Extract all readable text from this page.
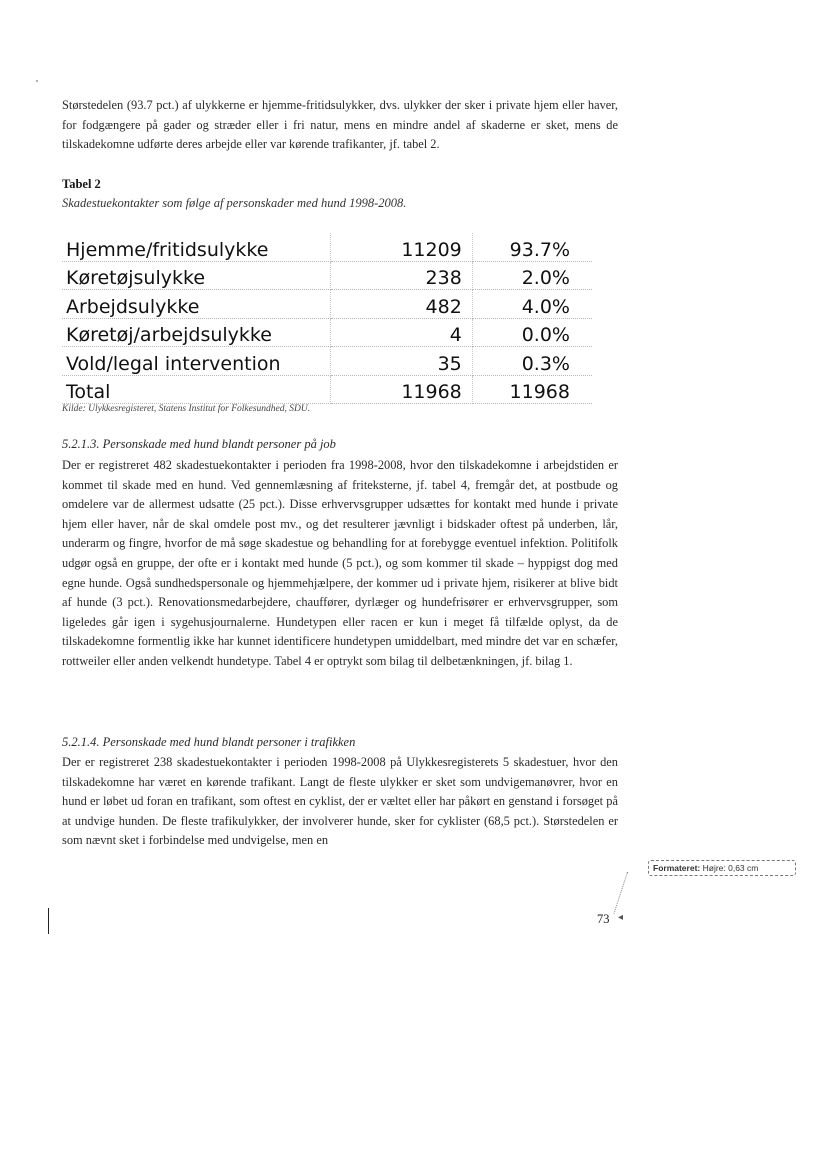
Størstedelen (93.7 pct.) af ulykkerne er hjemme-fritidsulykker, dvs. ulykker der sker i private hjem eller haver, for fodgængere på gader og stræder eller i fri natur, mens en mindre andel af skaderne er sket, mens de tilskadekomne udførte deres arbejde eller var kørende trafikanter, jf. tabel 2.

Tabel 2
Skadestuekontakter som følge af personskader med hund 1998-2008.
Hjemme/fritidsulykke	11209	93.7%
Køretøjsulykke	238	2.0%
Arbejdsulykke	482	4.0%
Køretøj/arbejdsulykke	4	0.0%
Vold/legal intervention	35	0.3%
Total	11968	11968
Kilde: Ulykkesregisteret, Statens Institut for Folkesundhed, SDU.
5.2.1.3. Personskade med hund blandt personer på job

Der er registreret 482 skadestuekontakter i perioden fra 1998-2008, hvor den tilskadekomne i arbejdstiden er kommet til skade med en hund. Ved gennemlæsning af friteksterne, jf. tabel 4, fremgår det, at postbude og omdelere var de allermest udsatte (25 pct.). Disse erhvervsgrupper udsættes for kontakt med hunde i private hjem eller haver, når de skal omdele post mv., og det resulterer jævnligt i bidskader oftest på underben, lår, underarm og fingre, hvorfor de må søge skadestue og behandling for at forebygge eventuel infektion. Politifolk udgør også en gruppe, der ofte er i kontakt med hunde (5 pct.), og som kommer til skade – hyppigst dog med egne hunde. Også sundhedspersonale og hjemmehjælpere, der kommer ud i private hjem, risikerer at blive bidt af hunde (3 pct.). Renovationsmedarbejdere, chauffører, dyrlæger og hundefrisører er erhvervsgrupper, som ligeledes går igen i sygehusjournalerne. Hundetypen eller racen er kun i meget få tilfælde oplyst, da de tilskadekomne formentlig ikke har kunnet identificere hundetypen umiddelbart, med mindre det var en schæfer, rottweiler eller anden velkendt hundetype. Tabel 4 er optrykt som bilag til delbetænkningen, jf. bilag 1.

5.2.1.4. Personskade med hund blandt personer i trafikken

Der er registreret 238 skadestuekontakter i perioden 1998-2008 på Ulykkesregisterets 5 skadestuer, hvor den tilskadekomne har været en kørende trafikant. Langt de fleste ulykker er sket som undvigemanøvrer, hvor en hund er løbet ud foran en trafikant, som oftest en cyklist, der er væltet eller har påkørt en genstand i forsøget på at undvige hunden. De fleste trafikulykker, der involverer hunde, sker for cyklister (68,5 pct.). Størstedelen er som nævnt sket i forbindelse med undvigelse, men en

Formateret: Højre: 0,63 cm
73 ◂
